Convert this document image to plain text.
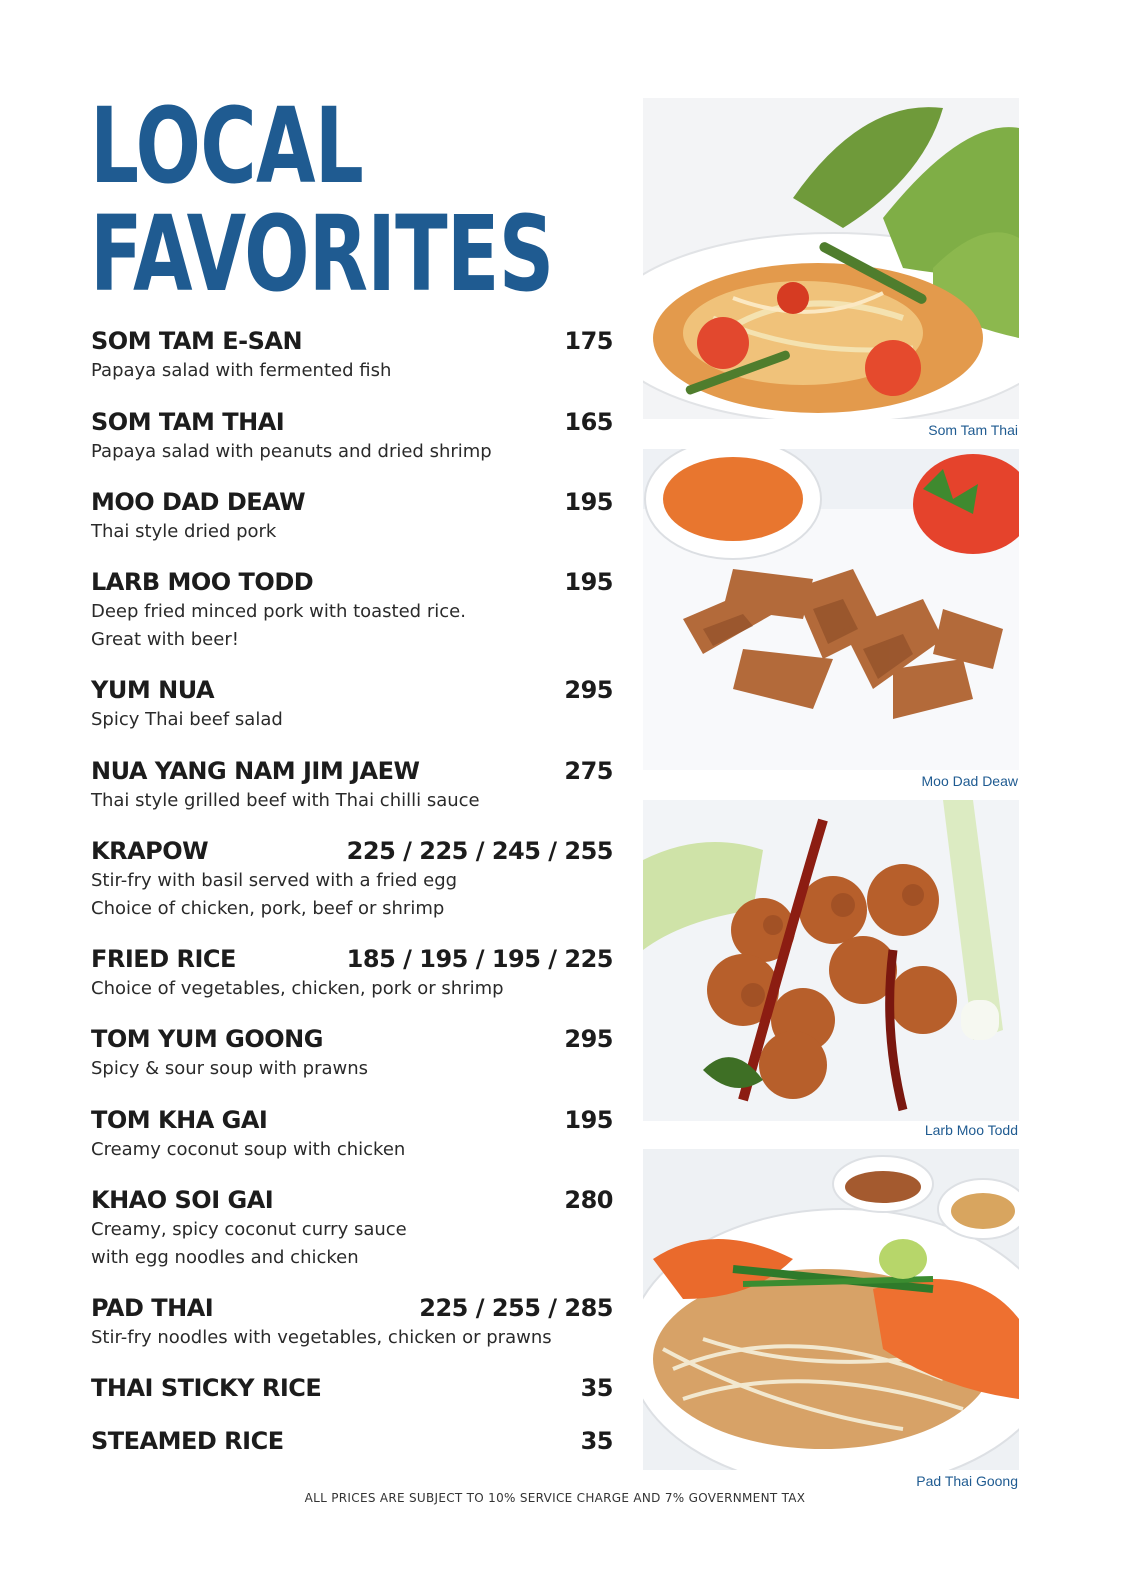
LOCAL
FAVORITES
SOM TAM E-SAN	175
Papaya salad with fermented fish
SOM TAM THAI	165
Papaya salad with peanuts and dried shrimp
MOO DAD DEAW	195
Thai style dried pork
LARB MOO TODD	195
Deep fried minced pork with toasted rice.
Great with beer!
YUM NUA	295
Spicy Thai beef salad
NUA YANG NAM JIM JAEW	275
Thai style grilled beef with Thai chilli sauce
KRAPOW	225 / 225 / 245 / 255
Stir-fry with basil served with a fried egg
Choice of chicken, pork, beef or shrimp
FRIED RICE	185 / 195 / 195 / 225
Choice of vegetables, chicken, pork or shrimp
TOM YUM GOONG	295
Spicy & sour soup with prawns
TOM KHA GAI	195
Creamy coconut soup with chicken
KHAO SOI GAI	280
Creamy, spicy coconut curry sauce
with egg noodles and chicken
PAD THAI	225 / 255 / 285
Stir-fry noodles with vegetables, chicken or prawns
THAI STICKY RICE	35
STEAMED RICE	35
Som Tam Thai
Moo Dad Deaw
Larb Moo Todd
Pad Thai Goong
ALL PRICES ARE SUBJECT TO 10% SERVICE CHARGE AND 7% GOVERNMENT TAX
